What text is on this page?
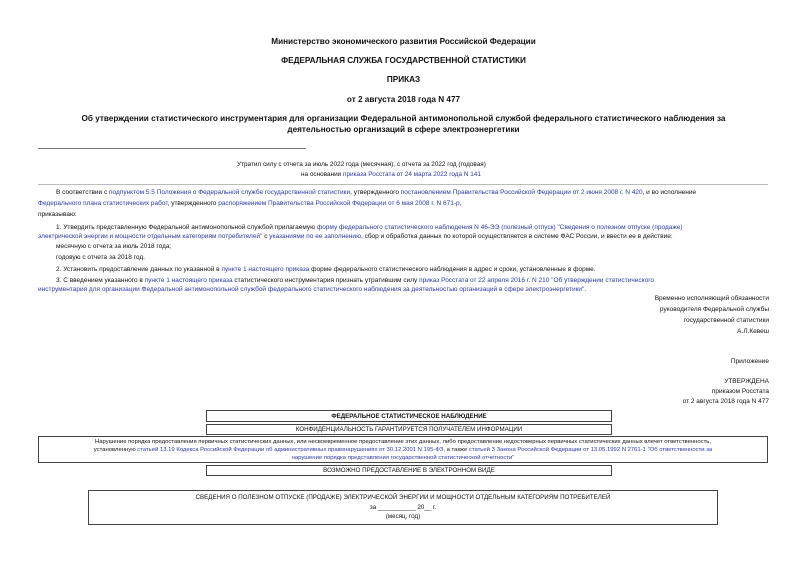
Министерство экономического развития Российской Федерации
ФЕДЕРАЛЬНАЯ СЛУЖБА ГОСУДАРСТВЕННОЙ СТАТИСТИКИ
ПРИКАЗ
от 2 августа 2018 года N 477
Об утверждении статистического инструментария для организации Федеральной антимонопольной службой федерального статистического наблюдения за
деятельностью организаций в сфере электроэнергетики
Утратил силу с отчета за июль 2022 года (месячная), с отчета за 2022 год (годовая)
на основании приказа Росстата от 24 марта 2022 года N 141
В соответствии с подпунктом 5.5 Положения о Федеральной службе государственной статистики, утвержденного постановлением Правительства Российской Федерации от 2 июня 2008 г. N 420, и во исполнение
Федерального плана статистических работ, утвержденного распоряжением Правительства Российской Федерации от 6 мая 2008 г. N 671-р,
приказываю:
1. Утвердить представленную Федеральной антимонопольной службой прилагаемую форму федерального статистического наблюдения N 46-ЭЭ (полезный отпуск) "Сведения о полезном отпуске (продаже)
электрической энергии и мощности отдельным категориям потребителей" с указаниями по ее заполнению, сбор и обработка данных по которой осуществляется в системе ФАС России, и ввести ее в действие:
месячную с отчета за июль 2018 года;
годовую с отчета за 2018 год.
2. Установить предоставление данных по указанной в пункте 1 настоящего приказа форме федерального статистического наблюдения в адрес и сроки, установленные в форме.
3. С введением указанного в пункте 1 настоящего приказа статистического инструментария признать утратившим силу приказ Росстата от 22 апреля 2016 г. N 210 "Об утверждении статистического
инструментария для организации Федеральной антимонопольной службой федерального статистического наблюдения за деятельностью организаций в сфере электроэнергетики".
Временно исполняющий обязанности
руководителя Федеральной службы
государственной статистики
А.Л.Кевеш
Приложение
УТВЕРЖДЕНА
приказом Росстата
от 2 августа 2018 года N 477
ФЕДЕРАЛЬНОЕ СТАТИСТИЧЕСКОЕ НАБЛЮДЕНИЕ
КОНФИДЕНЦИАЛЬНОСТЬ ГАРАНТИРУЕТСЯ ПОЛУЧАТЕЛЕМ ИНФОРМАЦИИ
Нарушение порядка предоставления первичных статистических данных, или несвоевременное предоставление этих данных, либо предоставление недостоверных первичных статистических данных влечет ответственность,
установленную статьей 13.19 Кодекса Российской Федерации об административных правонарушениях от 30.12.2001 N 195-ФЗ, а также статьей 3 Закона Российской Федерации от 13.05.1992 N 2761-1 "Об ответственности за
нарушение порядка представления государственной статистической отчетности"
ВОЗМОЖНО ПРЕДОСТАВЛЕНИЕ В ЭЛЕКТРОННОМ ВИДЕ
СВЕДЕНИЯ О ПОЛЕЗНОМ ОТПУСКЕ (ПРОДАЖЕ) ЭЛЕКТРИЧЕСКОЙ ЭНЕРГИИ И МОЩНОСТИ ОТДЕЛЬНЫМ КАТЕГОРИЯМ ПОТРЕБИТЕЛЕЙ
за ___________ 20__ г.
(месяц, год)
